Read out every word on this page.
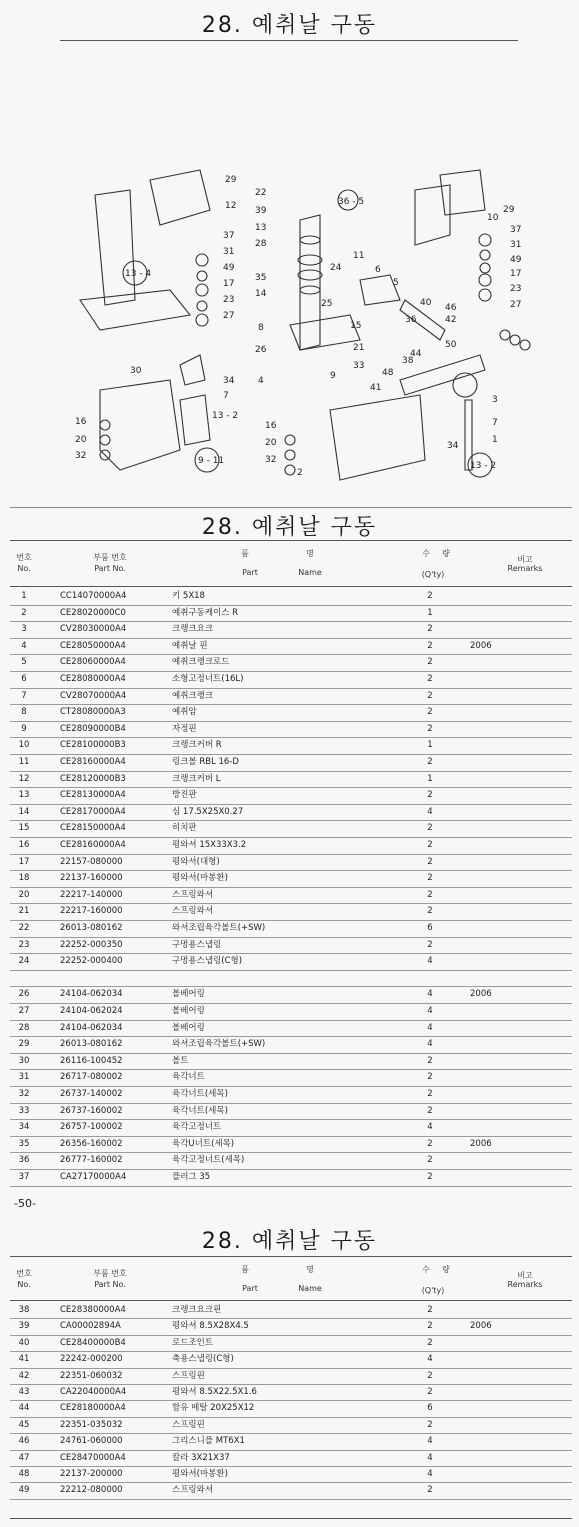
28. 예취날 구동
29
12
37
31
49
17
23
27
13 - 4
30
34
7
13 - 2
16
20
32	9 - 11
22
39
13
28
35
14
25
8
26
4
24
11
6
5
36 - 5
10
29
37
31
49
17
23
27
40 46
42
36
50
15
21
33
9
38
44
48
41
3
7
1
34
13 - 2
16
20
32
2
28. 예취날 구동
번호
No.
부품 번호
Part No.
품	명
Part	Name
수 량
(Q'ty)
비고
Remarks
1	CC14070000A4	키 5X18	2
2	CE28020000C0	예취구동케이스 R	1
3	CV28030000A4	크랭크요크	2
4	CE28050000A4	예취날 핀	2	2006
5	CE28060000A4	예취크랭크로드	2
6	CE28080000A4	소형고정너트(16L)	2
7	CV28070000A4	예취크랭크	2
8	CT28080000A3	예취암	2
9	CE28090000B4	자정핀	2
10	CE28100000B3	크랭크커버 R	1
11	CE28160000A4	링크볼 RBL 16-D	2
12	CE28120000B3	크랭크커버 L	1
13	CE28130000A4	방진판	2
14	CE28170000A4	심 17.5X25X0.27	4
15	CE28150000A4	히치판	2
16	CE28160000A4	평와셔 15X33X3.2	2
17	22157-080000	평와셔(대형)	2
18	22137-160000	평와셔(마봉환)	2
20	22217-140000	스프링와셔	2
21	22217-160000	스프링와셔	2
22	26013-080162	와셔조립육각볼트(+SW)	6
23	22252-000350	구멍용스냅링	2
24	22252-000400	구멍용스냅링(C형)	4
26	24104-062034	볼베어링	4	2006
27	24104-062024	볼베어링	4
28	24104-062034	볼베어링	4
29	26013-080162	와셔조립육각볼트(+SW)	4
30	26116-100452	볼트	2
31	26717-080002	육각너트	2
32	26737-140002	육각너트(세목)	2
33	26737-160002	육각너트(세목)	2
34	26757-100002	육각고정너트	4
35	26356-160002	육각U너트(세목)	2	2006
36	26777-160002	육각고정너트(세목)	2
37	CA27170000A4	플러그 35	2
-50-
28. 예취날 구동
번호
No.
부품 번호
Part No.
품	명
Part	Name
수 량
(Q'ty)
비고
Remarks
38	CE28380000A4	크랭크요크핀	2
39	CA00002894A	평와셔 8.5X28X4.5	2	2006
40	CE28400000B4	로드조인트	2
41	22242-000200	축용스냅링(C형)	4
42	22351-060032	스프링핀	2
43	CA22040000A4	평와셔 8.5X22.5X1.6	2
44	CE28180000A4	함유 메탈 20X25X12	6
45	22351-035032	스프링핀	2
46	24761-060000	그리스니플 MT6X1	4
47	CE28470000A4	칼라 3X21X37	4
48	22137-200000	평와셔(마봉환)	4
49	22212-080000	스프링와셔	2
